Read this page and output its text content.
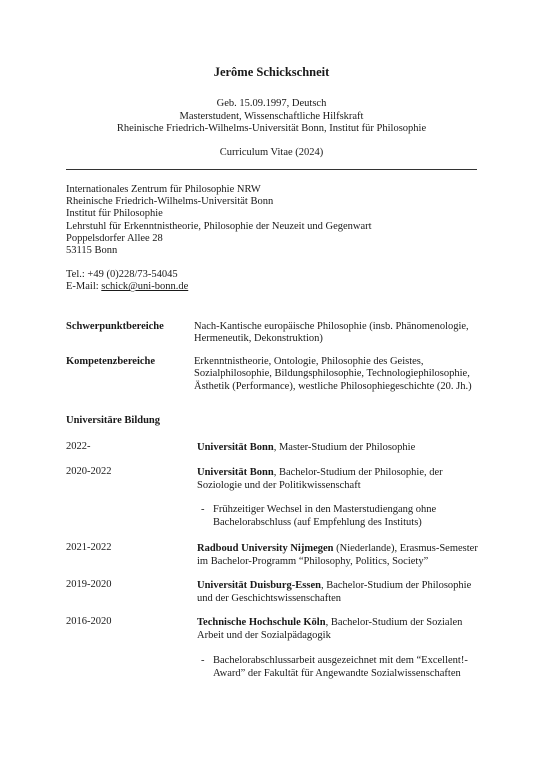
Jerôme Schickschneit
Geb. 15.09.1997, Deutsch
Masterstudent, Wissenschaftliche Hilfskraft
Rheinische Friedrich-Wilhelms-Universität Bonn, Institut für Philosophie
Curriculum Vitae (2024)
Internationales Zentrum für Philosophie NRW
Rheinische Friedrich-Wilhelms-Universität Bonn
Institut für Philosophie
Lehrstuhl für Erkenntnistheorie, Philosophie der Neuzeit und Gegenwart
Poppelsdorfer Allee 28
53115 Bonn
Tel.: +49 (0)228/73-54045
E-Mail: schick@uni-bonn.de
Schwerpunktbereiche	Nach-Kantische europäische Philosophie (insb. Phänomenologie, Hermeneutik, Dekonstruktion)
Kompetenzbereiche	Erkenntnistheorie, Ontologie, Philosophie des Geistes, Sozialphilosophie, Bildungsphilosophie, Technologiephilosophie, Ästhetik (Performance), westliche Philosophiegeschichte (20. Jh.)
Universitäre Bildung
2022-	Universität Bonn, Master-Studium der Philosophie
2020-2022	Universität Bonn, Bachelor-Studium der Philosophie, der Soziologie und der Politikwissenschaft
- Frühzeitiger Wechsel in den Masterstudiengang ohne Bachelorabschluss (auf Empfehlung des Instituts)
2021-2022	Radboud University Nijmegen (Niederlande), Erasmus-Semester im Bachelor-Programm “Philosophy, Politics, Society”
2019-2020	Universität Duisburg-Essen, Bachelor-Studium der Philosophie und der Geschichtswissenschaften
2016-2020	Technische Hochschule Köln, Bachelor-Studium der Sozialen Arbeit und der Sozialpädagogik
- Bachelorabschlussarbeit ausgezeichnet mit dem “Excellent!-Award” der Fakultät für Angewandte Sozialwissenschaften
